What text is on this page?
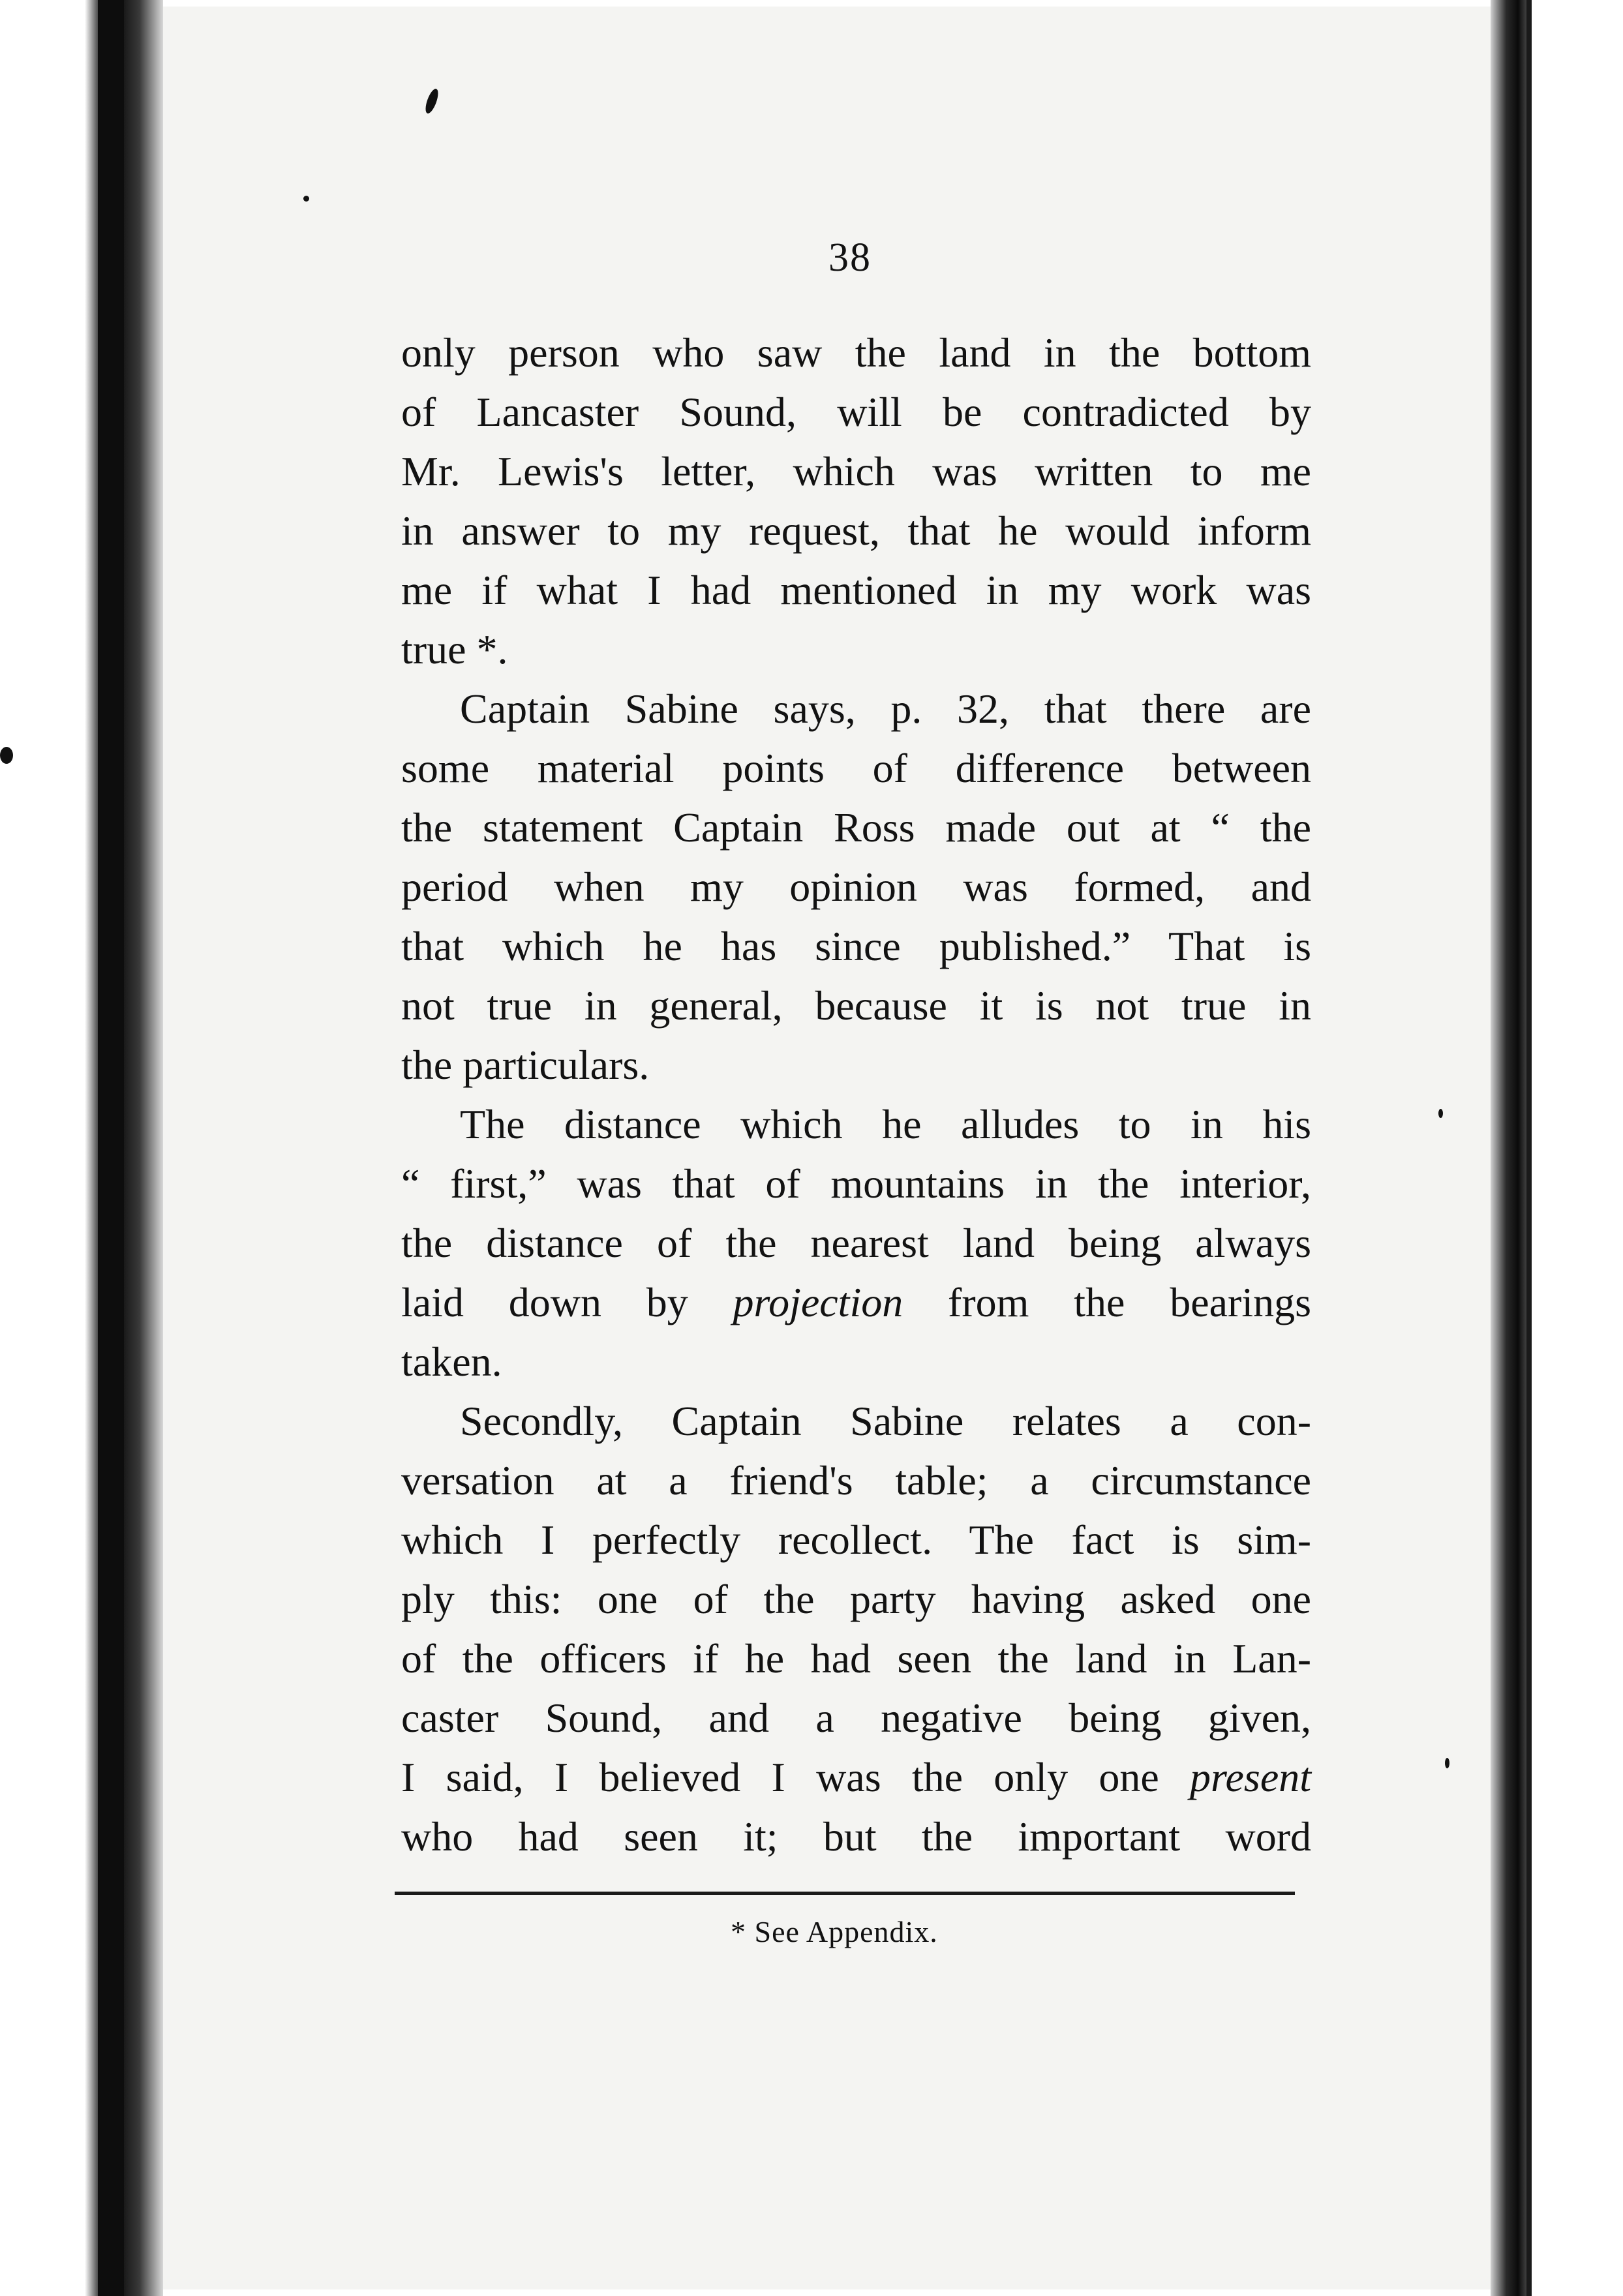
38
only person who saw the land in the bottom
of Lancaster Sound, will be contradicted by
Mr. Lewis's letter, which was written to me
in answer to my request, that he would inform
me if what I had mentioned in my work was
true *.
Captain Sabine says, p. 32, that there are
some material points of difference between
the statement Captain Ross made out at “ the
period when my opinion was formed, and
that which he has since published.” That is
not true in general, because it is not true in
the particulars.
The distance which he alludes to in his
“ first,” was that of mountains in the interior,
the distance of the nearest land being always
laid down by projection from the bearings
taken.
Secondly, Captain Sabine relates a con-
versation at a friend's table; a circumstance
which I perfectly recollect. The fact is sim-
ply this: one of the party having asked one
of the officers if he had seen the land in Lan-
caster Sound, and a negative being given,
I said, I believed I was the only one present
who had seen it; but the important word
* See Appendix.
